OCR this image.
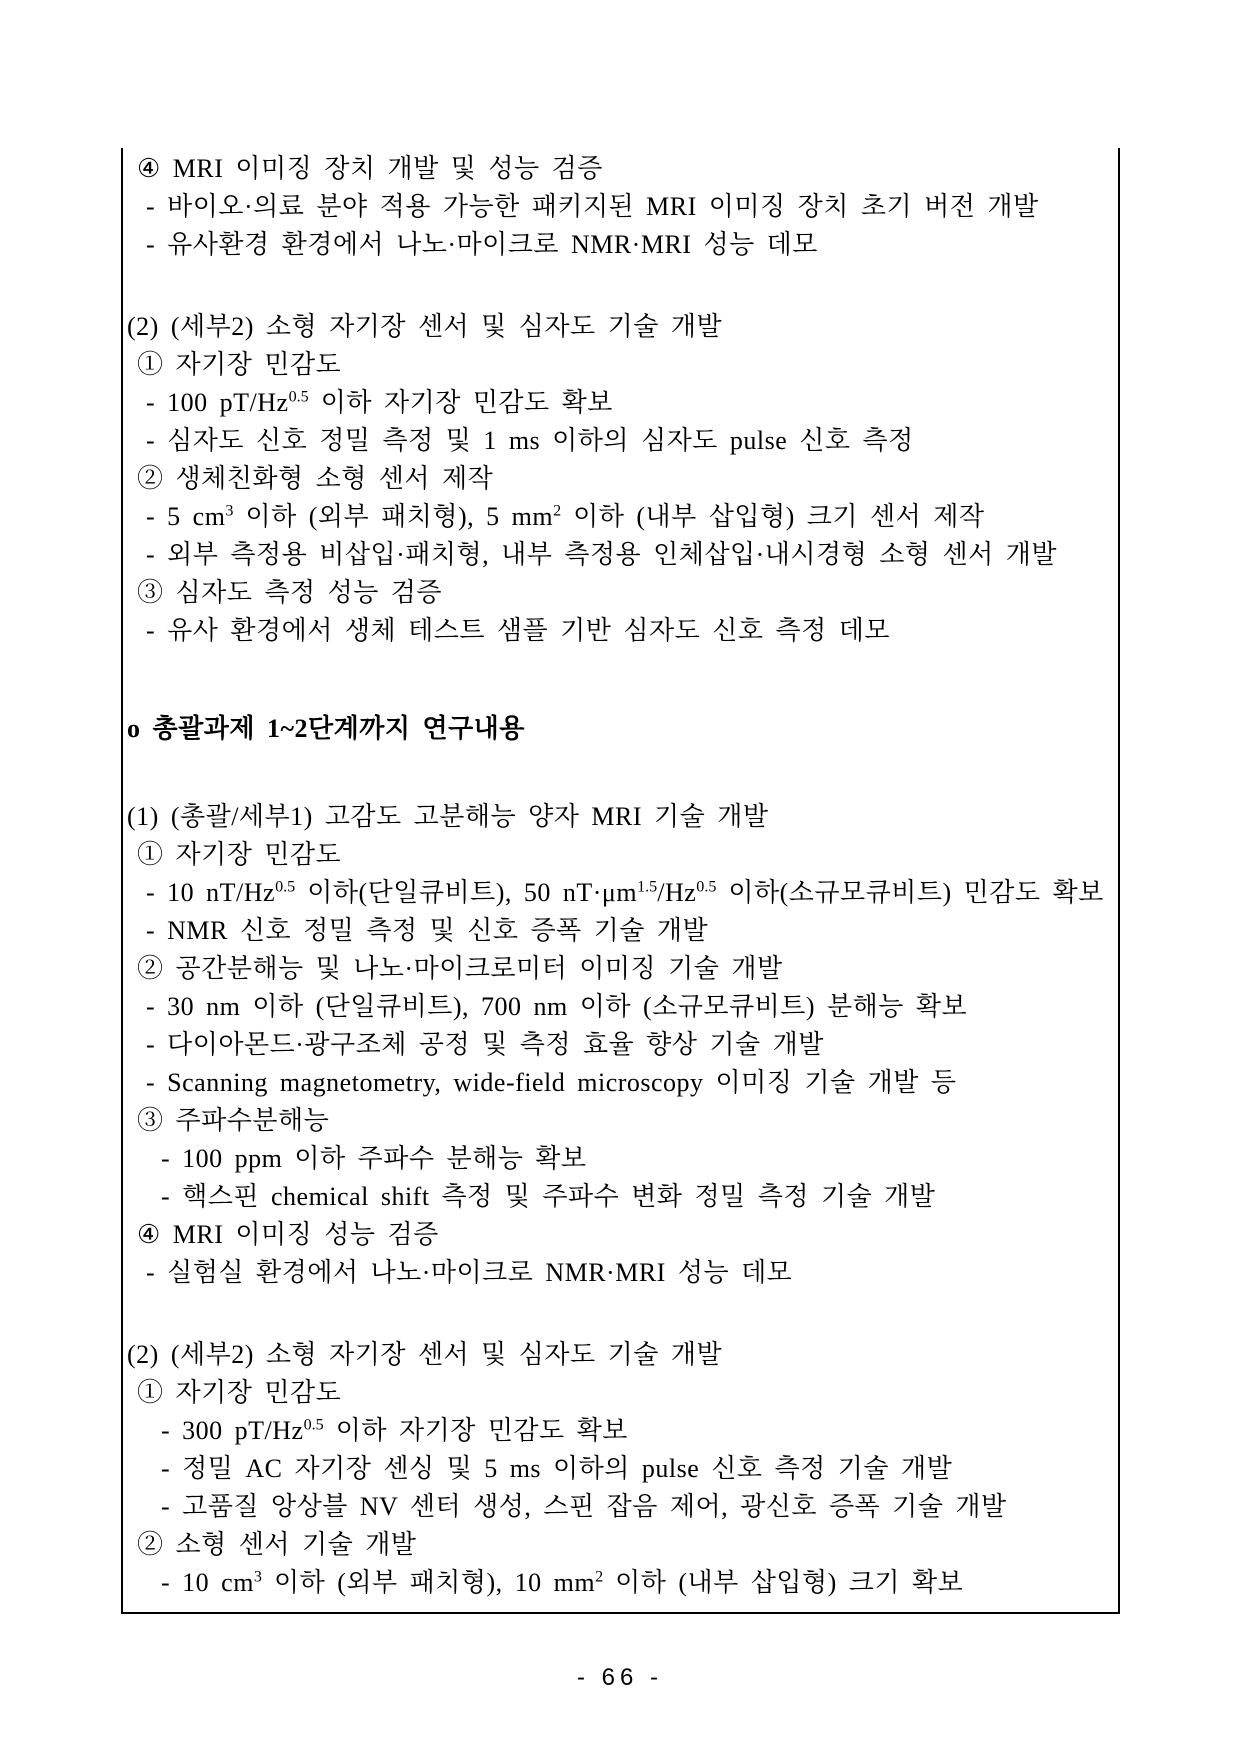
④ MRI 이미징 장치 개발 및 성능 검증
- 바이오·의료 분야 적용 가능한 패키지된 MRI 이미징 장치 초기 버전 개발
- 유사환경 환경에서 나노·마이크로 NMR·MRI 성능 데모
(2) (세부2) 소형 자기장 센서 및 심자도 기술 개발
① 자기장 민감도
- 100 $pT/Hz^{0.5}$ 이하 자기장 민감도 확보
- 심자도 신호 정밀 측정 및 1 ms 이하의 심자도 pulse 신호 측정
② 생체친화형 소형 센서 제작
- 5 $cm^3$ 이하 (외부 패치형), 5 $mm^2$ 이하 (내부 삽입형) 크기 센서 제작
- 외부 측정용 비삽입·패치형, 내부 측정용 인체삽입·내시경형 소형 센서 개발
③ 심자도 측정 성능 검증
- 유사 환경에서 생체 테스트 샘플 기반 심자도 신호 측정 데모
o 총괄과제 1~2단계까지 연구내용
(1) (총괄/세부1) 고감도 고분해능 양자 MRI 기술 개발
① 자기장 민감도
- 10 $nT/Hz^{0.5}$ 이하(단일큐비트), 50 $nT\cdot\mu m^{1.5}/Hz^{0.5}$ 이하(소규모큐비트) 민감도 확보
- NMR 신호 정밀 측정 및 신호 증폭 기술 개발
② 공간분해능 및 나노·마이크로미터 이미징 기술 개발
- 30 nm 이하 (단일큐비트), 700 nm 이하 (소규모큐비트) 분해능 확보
- 다이아몬드·광구조체 공정 및 측정 효율 향상 기술 개발
- Scanning magnetometry, wide-field microscopy 이미징 기술 개발 등
③ 주파수분해능
- 100 ppm 이하 주파수 분해능 확보
- 핵스핀 chemical shift 측정 및 주파수 변화 정밀 측정 기술 개발
④ MRI 이미징 성능 검증
- 실험실 환경에서 나노·마이크로 NMR·MRI 성능 데모
(2) (세부2) 소형 자기장 센서 및 심자도 기술 개발
① 자기장 민감도
- 300 $pT/Hz^{0.5}$ 이하 자기장 민감도 확보
- 정밀 AC 자기장 센싱 및 5 ms 이하의 pulse 신호 측정 기술 개발
- 고품질 앙상블 NV 센터 생성, 스핀 잡음 제어, 광신호 증폭 기술 개발
② 소형 센서 기술 개발
- 10 $cm^3$ 이하 (외부 패치형), 10 $mm^2$ 이하 (내부 삽입형) 크기 확보
- 66 -
